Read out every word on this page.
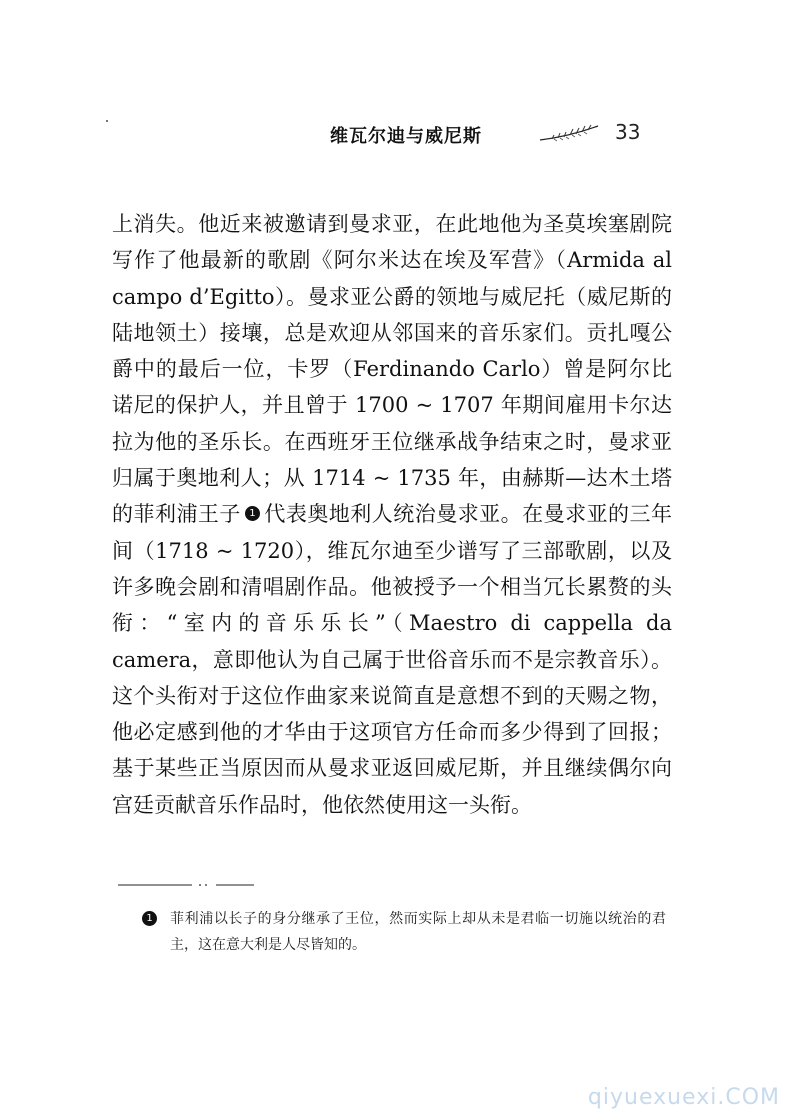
维瓦尔迪与威尼斯	33
上消失。他近来被邀请到曼求亚，在此地他为圣莫埃塞剧院写作了他最新的歌剧《阿尔米达在埃及军营》（Armida al campo d’Egitto）。曼求亚公爵的领地与威尼托（威尼斯的陆地领土）接壤，总是欢迎从邻国来的音乐家们。贡扎嘎公爵中的最后一位，卡罗（Ferdinando Carlo）曾是阿尔比诺尼的保护人，并且曾于 1700 ~ 1707 年期间雇用卡尔达拉为他的圣乐长。在西班牙王位继承战争结束之时，曼求亚归属于奥地利人；从 1714 ~ 1735 年，由赫斯—达木土塔的菲利浦王子 1 代表奥地利人统治曼求亚。在曼求亚的三年间（1718 ~ 1720），维瓦尔迪至少谱写了三部歌剧，以及许多晚会剧和清唱剧作品。他被授予一个相当冗长累赘的头衔：“室内的音乐乐长”（Maestro di cappella da camera，意即他认为自己属于世俗音乐而不是宗教音乐）。这个头衔对于这位作曲家来说简直是意想不到的天赐之物，他必定感到他的才华由于这项官方任命而多少得到了回报；基于某些正当原因而从曼求亚返回威尼斯，并且继续偶尔向宫廷贡献音乐作品时，他依然使用这一头衔。
1	菲利浦以长子的身分继承了王位，然而实际上却从未是君临一切施以统治的君主，这在意大利是人尽皆知的。
qiyuexuexi.COM
